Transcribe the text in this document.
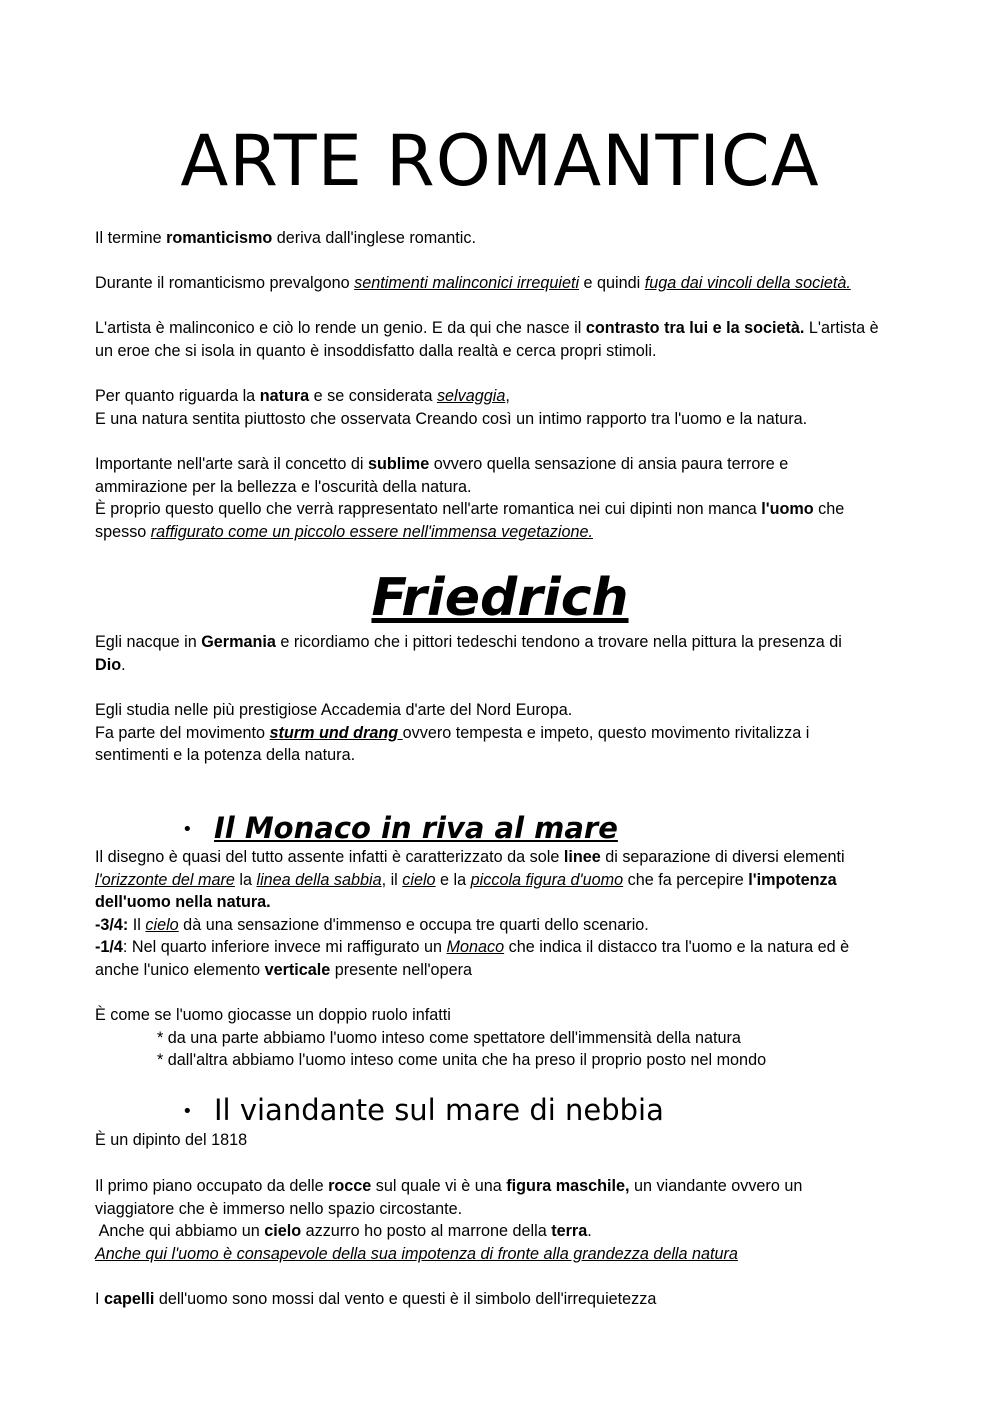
ARTE ROMANTICA

Il termine romanticismo deriva dall'inglese romantic.

Durante il romanticismo prevalgono sentimenti malinconici irrequieti e quindi fuga dai vincoli della società.

L'artista è malinconico e ciò lo rende un genio. E da qui che nasce il contrasto tra lui e la società. L'artista è

un eroe che si isola in quanto è insoddisfatto dalla realtà e cerca propri stimoli.

Per quanto riguarda la natura e se considerata selvaggia,

E una natura sentita piuttosto che osservata Creando così un intimo rapporto tra l'uomo e la natura.

Importante nell'arte sarà il concetto di sublime ovvero quella sensazione di ansia paura terrore e

ammirazione per la bellezza e l'oscurità della natura.

È proprio questo quello che verrà rappresentato nell'arte romantica nei cui dipinti non manca l'uomo che

spesso raffigurato come un piccolo essere nell'immensa vegetazione.

Friedrich

Egli nacque in Germania e ricordiamo che i pittori tedeschi tendono a trovare nella pittura la presenza di

Dio.

Egli studia nelle più prestigiose Accademia d'arte del Nord Europa.

Fa parte del movimento sturm und drang ovvero tempesta e impeto, questo movimento rivitalizza i

sentimenti e la potenza della natura.

• Il Monaco in riva al mare

Il disegno è quasi del tutto assente infatti è caratterizzato da sole linee di separazione di diversi elementi

l'orizzonte del mare la linea della sabbia, il cielo e la piccola figura d'uomo che fa percepire l'impotenza

dell'uomo nella natura.

-3/4: Il cielo dà una sensazione d'immenso e occupa tre quarti dello scenario.

-1/4: Nel quarto inferiore invece mi raffigurato un Monaco che indica il distacco tra l'uomo e la natura ed è

anche l'unico elemento verticale presente nell'opera

È come se l'uomo giocasse un doppio ruolo infatti

* da una parte abbiamo l'uomo inteso come spettatore dell'immensità della natura

* dall'altra abbiamo l'uomo inteso come unita che ha preso il proprio posto nel mondo

• Il viandante sul mare di nebbia

È un dipinto del 1818

Il primo piano occupato da delle rocce sul quale vi è una figura maschile, un viandante ovvero un

viaggiatore che è immerso nello spazio circostante.

Anche qui abbiamo un cielo azzurro ho posto al marrone della terra.

Anche qui l'uomo è consapevole della sua impotenza di fronte alla grandezza della natura

I capelli dell'uomo sono mossi dal vento e questi è il simbolo dell'irrequietezza
